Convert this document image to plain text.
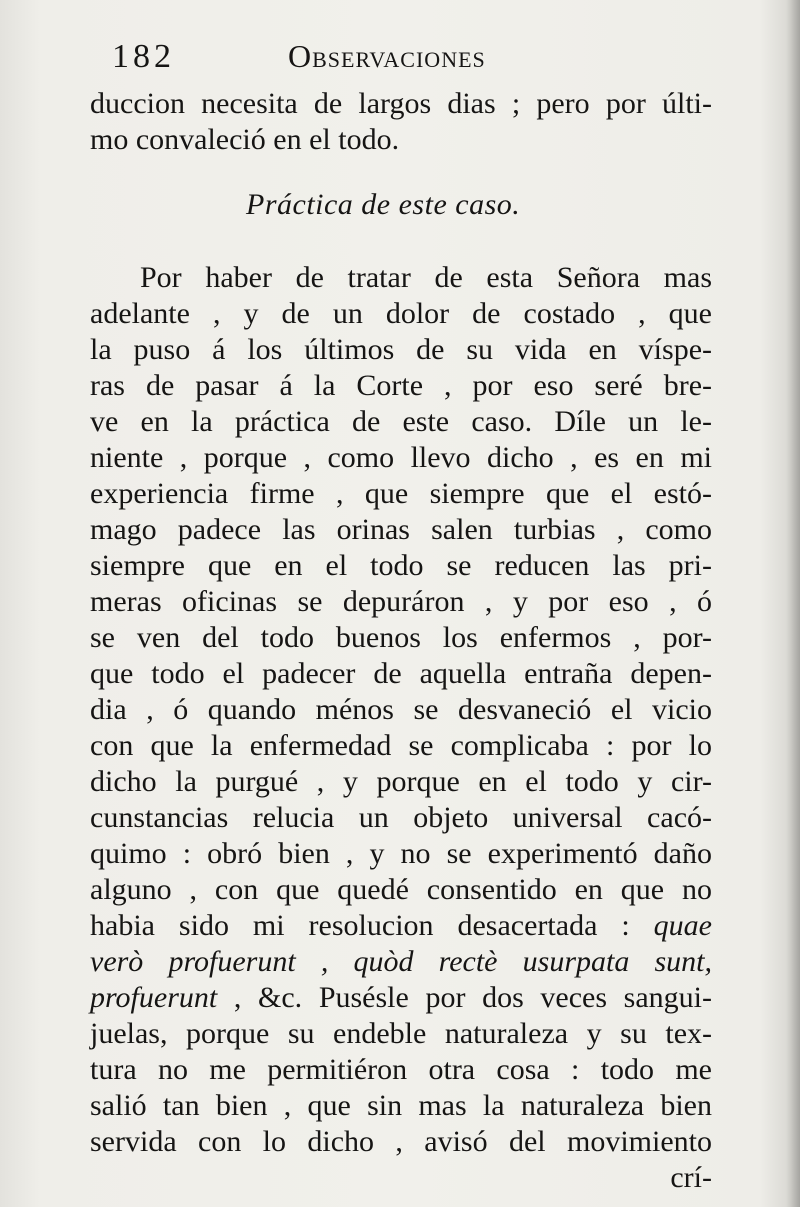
182	Observaciones
duccion necesita de largos dias ; pero por últi-
mo convaleció en el todo.
Práctica de este caso.
Por haber de tratar de esta Señora mas
adelante , y de un dolor de costado , que
la puso á los últimos de su vida en víspe-
ras de pasar á la Corte , por eso seré bre-
ve en la práctica de este caso. Díle un le-
niente , porque , como llevo dicho , es en mi
experiencia firme , que siempre que el estó-
mago padece las orinas salen turbias , como
siempre que en el todo se reducen las pri-
meras oficinas se depuráron , y por eso , ó
se ven del todo buenos los enfermos , por-
que todo el padecer de aquella entraña depen-
dia , ó quando ménos se desvaneció el vicio
con que la enfermedad se complicaba : por lo
dicho la purgué , y porque en el todo y cir-
cunstancias relucia un objeto universal cacó-
quimo : obró bien , y no se experimentó daño
alguno , con que quedé consentido en que no
habia sido mi resolucion desacertada : quae
verò profuerunt , quòd rectè usurpata sunt,
profuerunt , &c. Pusésle por dos veces sangui-
juelas, porque su endeble naturaleza y su tex-
tura no me permitiéron otra cosa : todo me
salió tan bien , que sin mas la naturaleza bien
servida con lo dicho , avisó del movimiento
crí-
